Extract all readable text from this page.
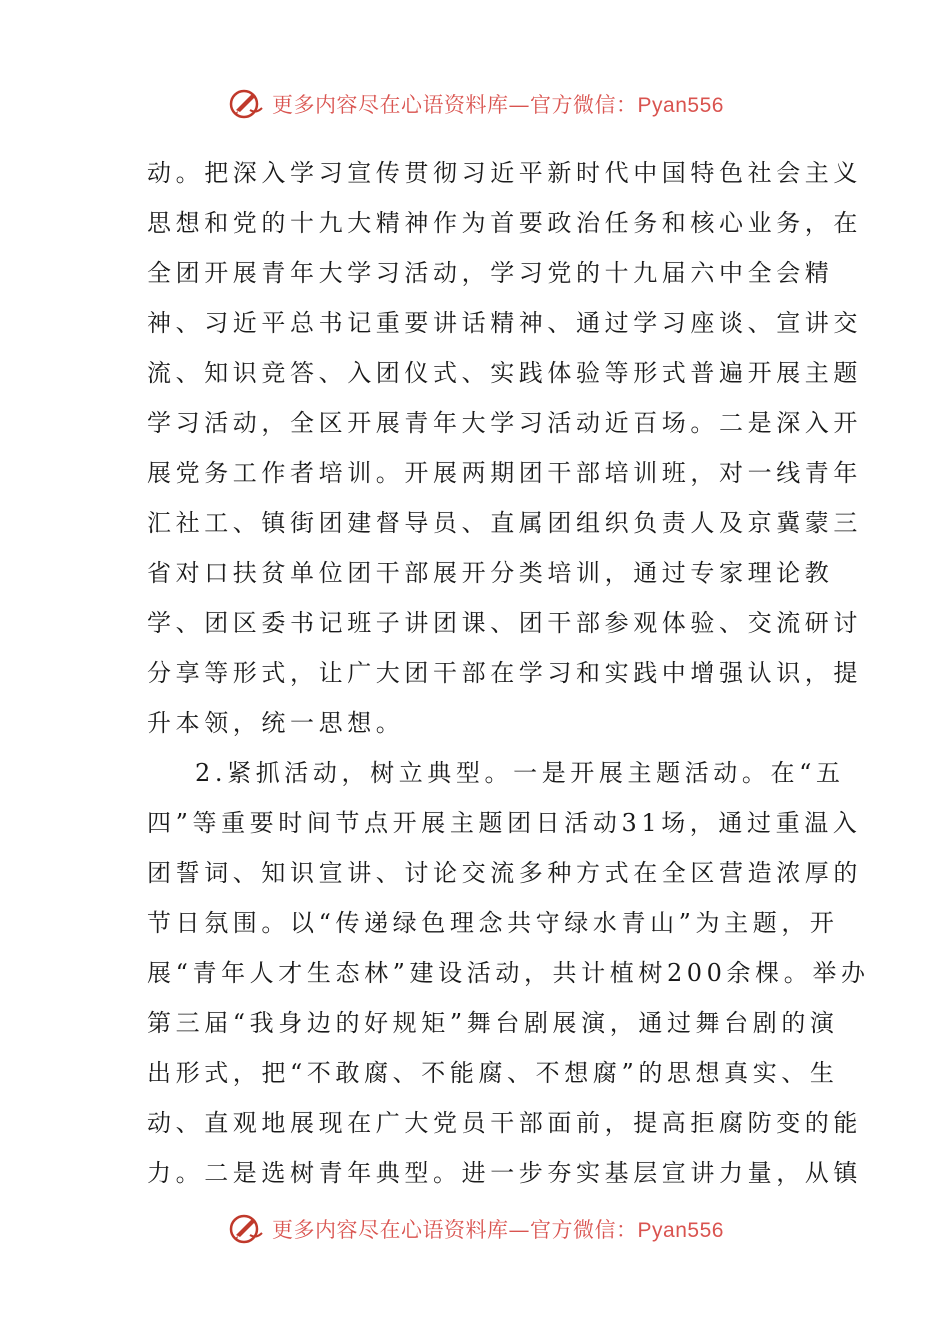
更多内容尽在心语资料库—官方微信：Pyan556
动。把深入学习宣传贯彻习近平新时代中国特色社会主义
思想和党的十九大精神作为首要政治任务和核心业务，在
全团开展青年大学习活动，学习党的十九届六中全会精
神、习近平总书记重要讲话精神、通过学习座谈、宣讲交
流、知识竞答、入团仪式、实践体验等形式普遍开展主题
学习活动，全区开展青年大学习活动近百场。二是深入开
展党务工作者培训。开展两期团干部培训班，对一线青年
汇社工、镇街团建督导员、直属团组织负责人及京冀蒙三
省对口扶贫单位团干部展开分类培训，通过专家理论教
学、团区委书记班子讲团课、团干部参观体验、交流研讨
分享等形式，让广大团干部在学习和实践中增强认识，提
升本领，统一思想。
2.紧抓活动，树立典型。一是开展主题活动。在“五
四”等重要时间节点开展主题团日活动31场，通过重温入
团誓词、知识宣讲、讨论交流多种方式在全区营造浓厚的
节日氛围。以“传递绿色理念共守绿水青山”为主题，开
展“青年人才生态林”建设活动，共计植树200余棵。举办
第三届“我身边的好规矩”舞台剧展演，通过舞台剧的演
出形式，把“不敢腐、不能腐、不想腐”的思想真实、生
动、直观地展现在广大党员干部面前，提高拒腐防变的能
力。二是选树青年典型。进一步夯实基层宣讲力量，从镇
更多内容尽在心语资料库—官方微信：Pyan556
